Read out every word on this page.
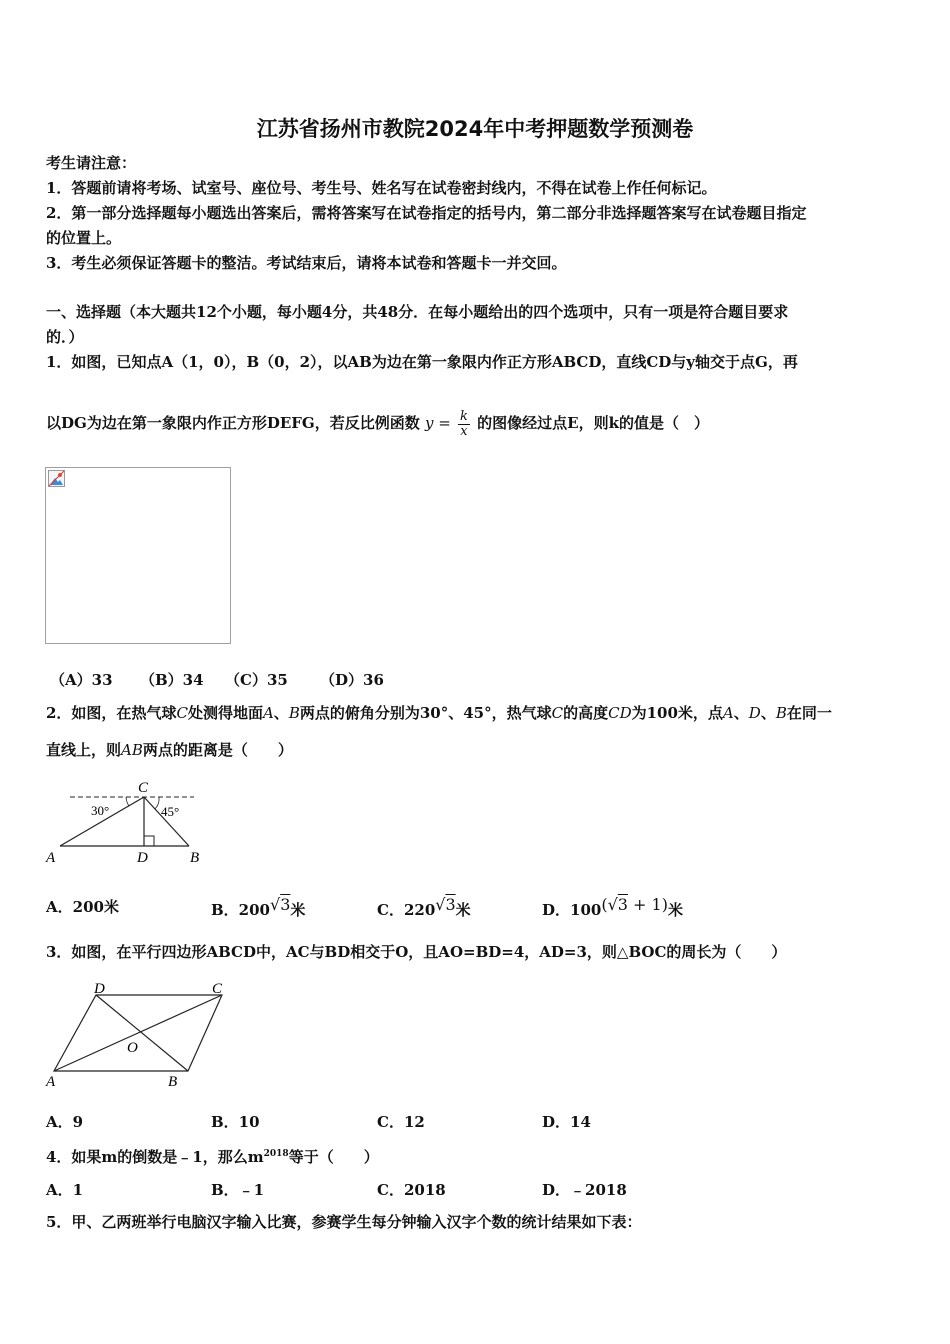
江苏省扬州市教院2024年中考押题数学预测卷
考生请注意：
1．答题前请将考场、试室号、座位号、考生号、姓名写在试卷密封线内，不得在试卷上作任何标记。
2．第一部分选择题每小题选出答案后，需将答案写在试卷指定的括号内，第二部分非选择题答案写在试卷题目指定
的位置上。
3．考生必须保证答题卡的整洁。考试结束后，请将本试卷和答题卡一并交回。
一、选择题（本大题共12个小题，每小题4分，共48分．在每小题给出的四个选项中，只有一项是符合题目要求
的．）
1．如图，已知点A（1，0），B（0，2），以AB为边在第一象限内作正方形ABCD，直线CD与y轴交于点G，再
以DG为边在第一象限内作正方形DEFG，若反比例函数 $y = \frac{k}{x}$ 的图像经过点E，则k的值是（　）
（A）33 （B）34 （C）35 （D）36
2．如图，在热气球C处测得地面A、B两点的俯角分别为30°、45°，热气球C的高度CD为100米，点A、D、B在同一
直线上，则AB两点的距离是（　　）
C
A	D	B
30°	45°
A．200米	B．200√3米	C．220√3米	D．100(√3 + 1)米
3．如图，在平行四边形ABCD中，AC与BD相交于O，且AO=BD=4，AD=3，则△BOC的周长为（　　）
D	C
O
A	B
A．9	B．10	C．12	D．14
4．如果m的倒数是﹣1，那么$m^{2018}$等于（　　）
A．1	B．﹣1	C．2018	D．﹣2018
5．甲、乙两班举行电脑汉字输入比赛，参赛学生每分钟输入汉字个数的统计结果如下表：
